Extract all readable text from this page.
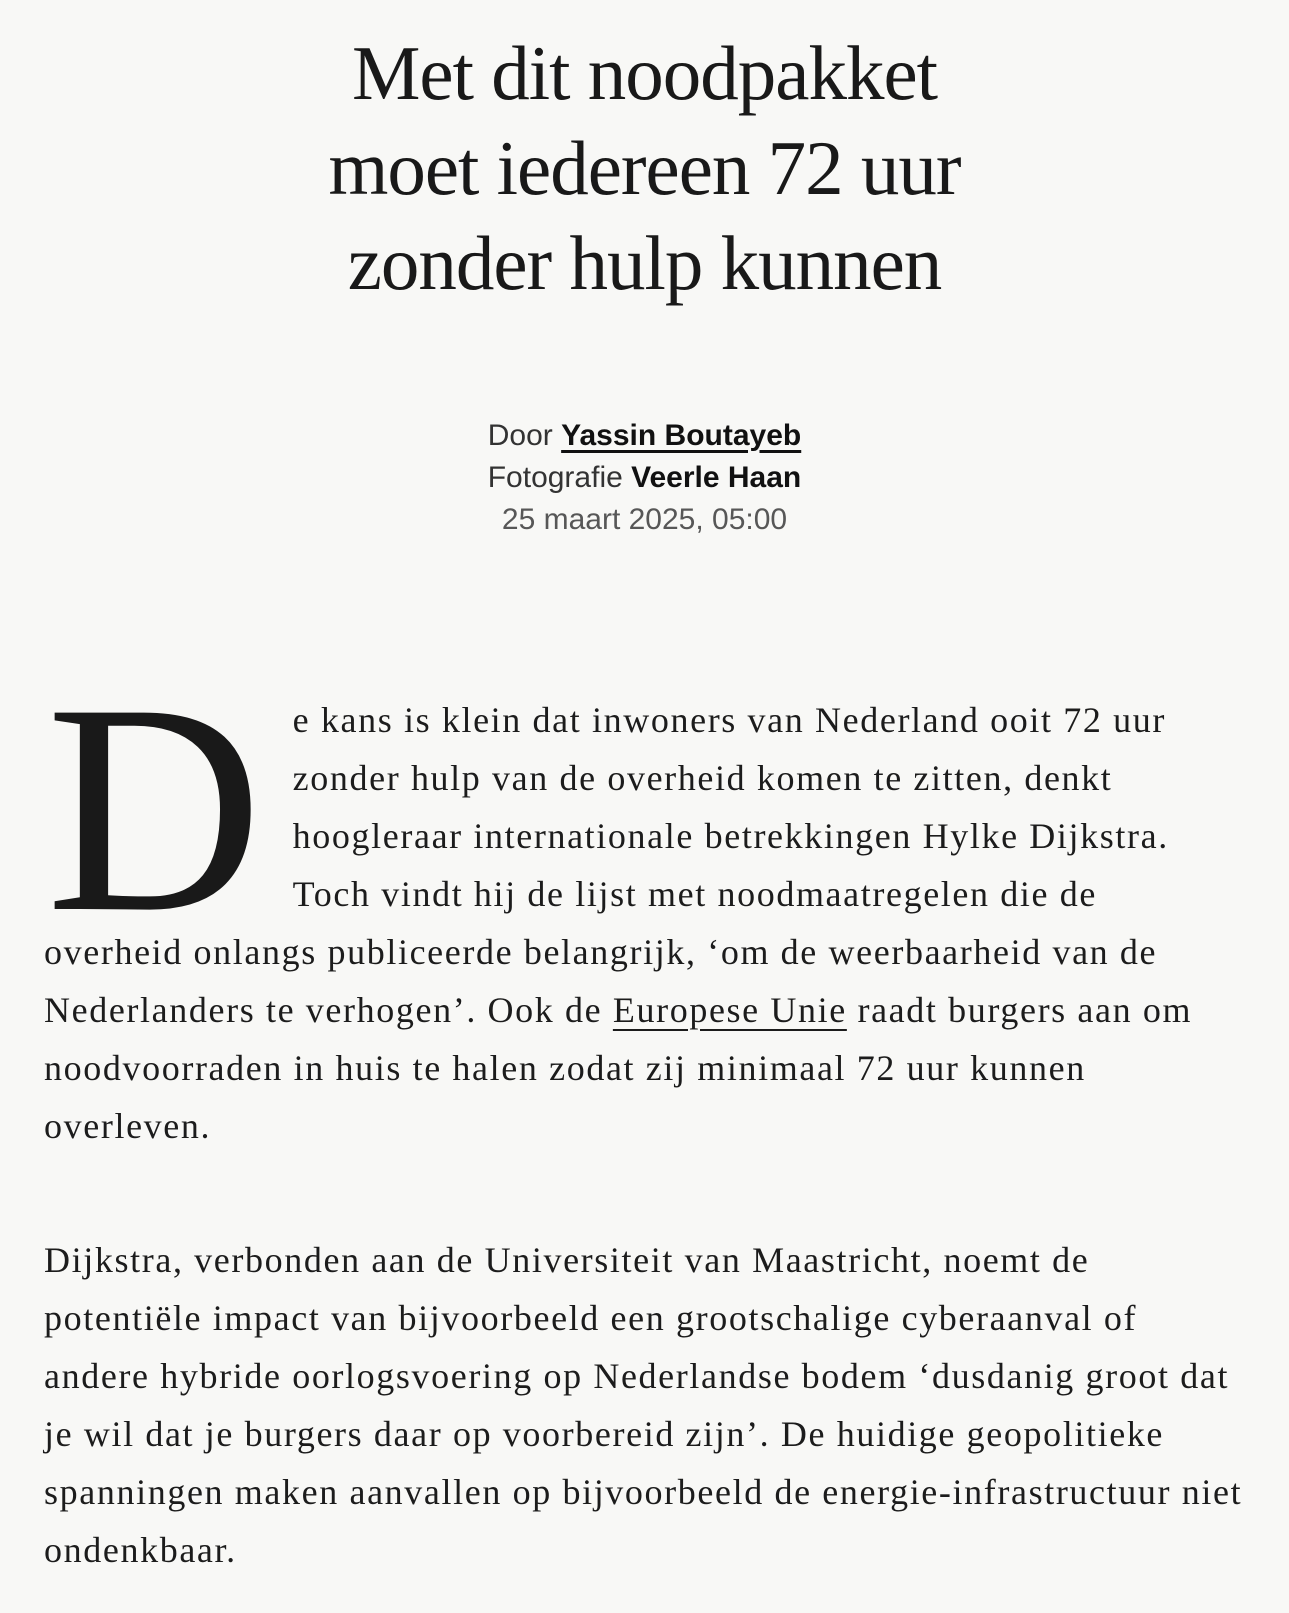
Met dit noodpakket
moet iedereen 72 uur
zonder hulp kunnen
Door Yassin Boutayeb
Fotografie Veerle Haan
25 maart 2025, 05:00

De kans is klein dat inwoners van Nederland ooit 72 uur zonder hulp van de overheid komen te zitten, denkt hoogleraar internationale betrekkingen Hylke Dijkstra. Toch vindt hij de lijst met noodmaatregelen die de overheid onlangs publiceerde belangrijk, ‘om de weerbaarheid van de Nederlanders te verhogen’. Ook de Europese Unie raadt burgers aan om noodvoorraden in huis te halen zodat zij minimaal 72 uur kunnen overleven.

Dijkstra, verbonden aan de Universiteit van Maastricht, noemt de potentiële impact van bijvoorbeeld een grootschalige cyberaanval of andere hybride oorlogsvoering op Nederlandse bodem ‘dusdanig groot dat je wil dat je burgers daar op voorbereid zijn’. De huidige geopolitieke spanningen maken aanvallen op bijvoorbeeld de energie-infrastructuur niet ondenkbaar.
